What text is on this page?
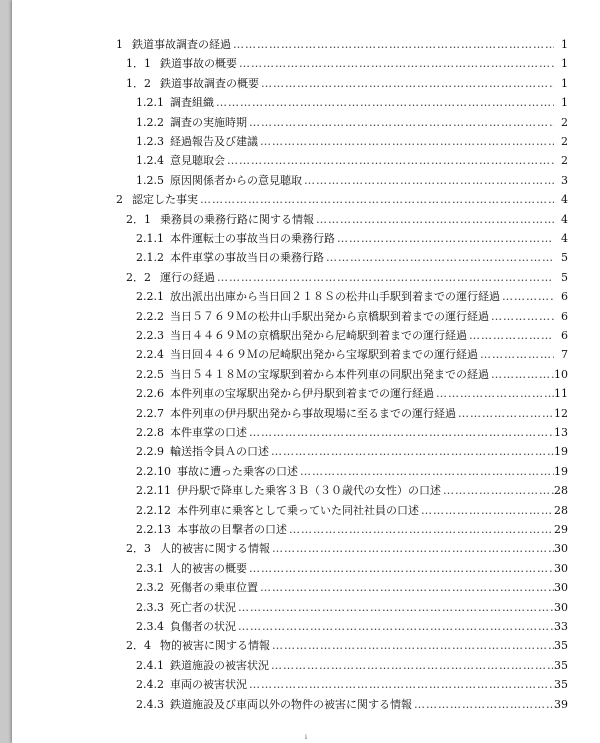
1 鉄道事故調査の経過 …………………………………………………………………………………………………………………………………………………………	1
1．1 鉄道事故の概要 …………………………………………………………………………………………………………………………………………………………	1
1．2 鉄道事故調査の概要 …………………………………………………………………………………………………………………………………………………………	1
1.2.1 調査組織 …………………………………………………………………………………………………………………………………………………………	1
1.2.2 調査の実施時期 …………………………………………………………………………………………………………………………………………………………	2
1.2.3 経過報告及び建議 …………………………………………………………………………………………………………………………………………………………	2
1.2.4 意見聴取会 …………………………………………………………………………………………………………………………………………………………	2
1.2.5 原因関係者からの意見聴取 …………………………………………………………………………………………………………………………………………………………	3
2 認定した事実 …………………………………………………………………………………………………………………………………………………………	4
2．1 乗務員の乗務行路に関する情報 …………………………………………………………………………………………………………………………………………………………	4
2.1.1 本件運転士の事故当日の乗務行路 …………………………………………………………………………………………………………………………………………………………	4
2.1.2 本件車掌の事故当日の乗務行路 …………………………………………………………………………………………………………………………………………………………	5
2．2 運行の経過 …………………………………………………………………………………………………………………………………………………………	5
2.2.1 放出派出出庫から当日回２１８Ｓの松井山手駅到着までの運行経過 …………………………………………………………………………………………………………………………………………………………	6
2.2.2 当日５７６９Ｍの松井山手駅出発から京橋駅到着までの運行経過 …………………………………………………………………………………………………………………………………………………………	6
2.2.3 当日４４６９Ｍの京橋駅出発から尼崎駅到着までの運行経過 …………………………………………………………………………………………………………………………………………………………	6
2.2.4 当日回４４６９Ｍの尼崎駅出発から宝塚駅到着までの運行経過 …………………………………………………………………………………………………………………………………………………………	7
2.2.5 当日５４１８Ｍの宝塚駅到着から本件列車の同駅出発までの経過 …………………………………………………………………………………………………………………………………………………………	10
2.2.6 本件列車の宝塚駅出発から伊丹駅到着までの運行経過 …………………………………………………………………………………………………………………………………………………………	11
2.2.7 本件列車の伊丹駅出発から事故現場に至るまでの運行経過 …………………………………………………………………………………………………………………………………………………………	12
2.2.8 本件車掌の口述 …………………………………………………………………………………………………………………………………………………………	13
2.2.9 輸送指令員Ａの口述 …………………………………………………………………………………………………………………………………………………………	19
2.2.10 事故に遭った乗客の口述 …………………………………………………………………………………………………………………………………………………………	19
2.2.11 伊丹駅で降車した乗客３Ｂ（３０歳代の女性）の口述 …………………………………………………………………………………………………………………………………………………………	28
2.2.12 本件列車に乗客として乗っていた同社社員の口述 …………………………………………………………………………………………………………………………………………………………	28
2.2.13 本事故の目撃者の口述 …………………………………………………………………………………………………………………………………………………………	29
2．3 人的被害に関する情報 …………………………………………………………………………………………………………………………………………………………	30
2.3.1 人的被害の概要 …………………………………………………………………………………………………………………………………………………………	30
2.3.2 死傷者の乗車位置 …………………………………………………………………………………………………………………………………………………………	30
2.3.3 死亡者の状況 …………………………………………………………………………………………………………………………………………………………	30
2.3.4 負傷者の状況 …………………………………………………………………………………………………………………………………………………………	33
2．4 物的被害に関する情報 …………………………………………………………………………………………………………………………………………………………	35
2.4.1 鉄道施設の被害状況 …………………………………………………………………………………………………………………………………………………………	35
2.4.2 車両の被害状況 …………………………………………………………………………………………………………………………………………………………	35
2.4.3 鉄道施設及び車両以外の物件の被害に関する情報 …………………………………………………………………………………………………………………………………………………………	39
i
